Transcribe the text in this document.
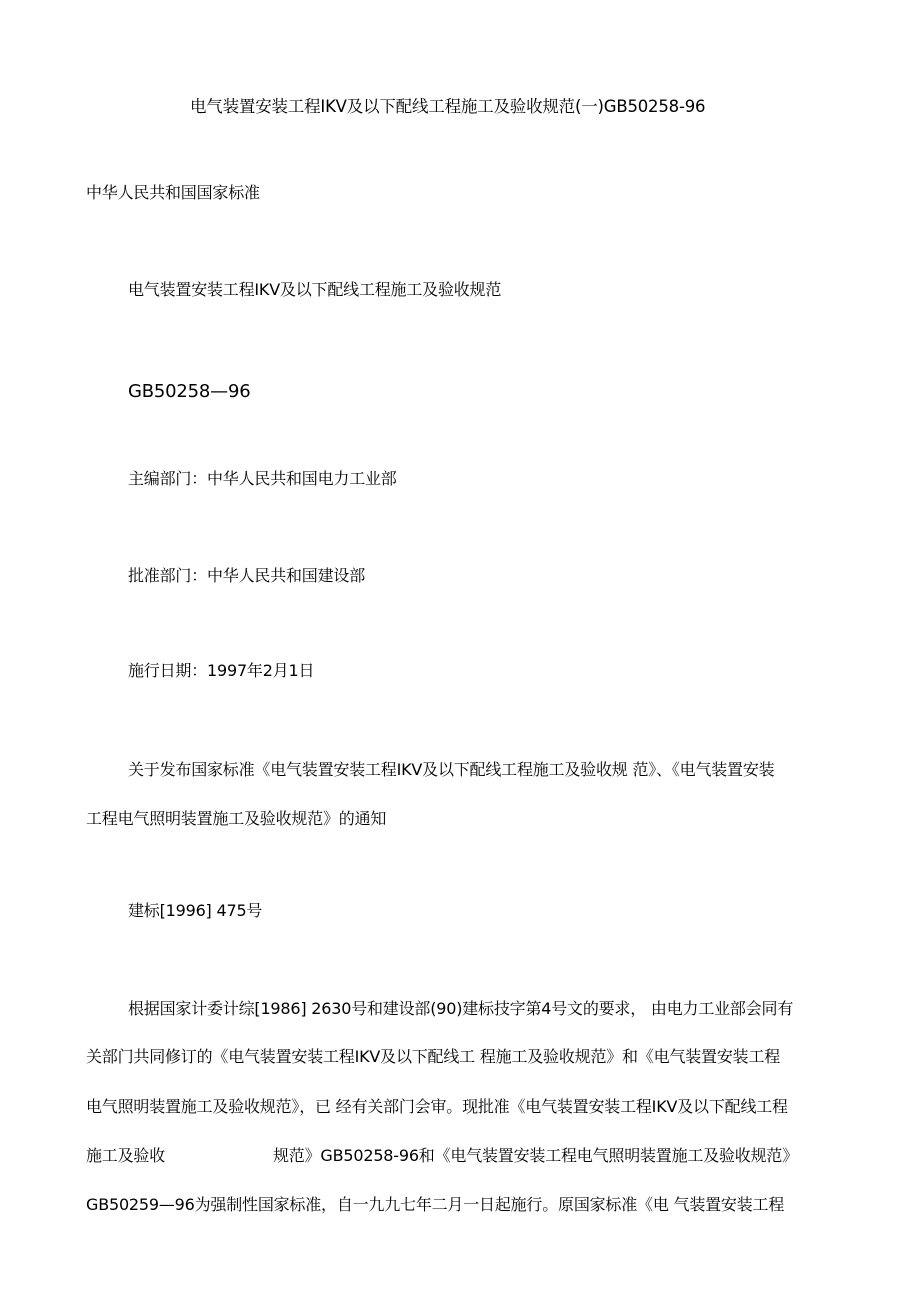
电气装置安装工程IKV及以下配线工程施工及验收规范(一)GB50258-96
中华人民共和国国家标准
电气装置安装工程IKV及以下配线工程施工及验收规范
GB50258—96
主编部门：中华人民共和国电力工业部
批准部门：中华人民共和国建设部
施行日期：1997年2月1日
关于发布国家标准《电气装置安装工程IKV及以下配线工程施工及验收规 范》、《电气装置安装
工程电气照明装置施工及验收规范》的通知
建标[1996] 475号
根据国家计委计综[1986] 2630号和建设部(90)建标技字第4号文的要求， 由电力工业部会同有
关部门共同修订的《电气装置安装工程IKV及以下配线工 程施工及验收规范》和《电气装置安装工程
电气照明装置施工及验收规范》，已 经有关部门会审。现批准《电气装置安装工程IKV及以下配线工程
施工及验收	规范》GB50258-96和《电气装置安装工程电气照明装置施工及验收规范》
GB50259—96为强制性国家标准，自一九九七年二月一日起施行。原国家标准《电 气装置安装工程
